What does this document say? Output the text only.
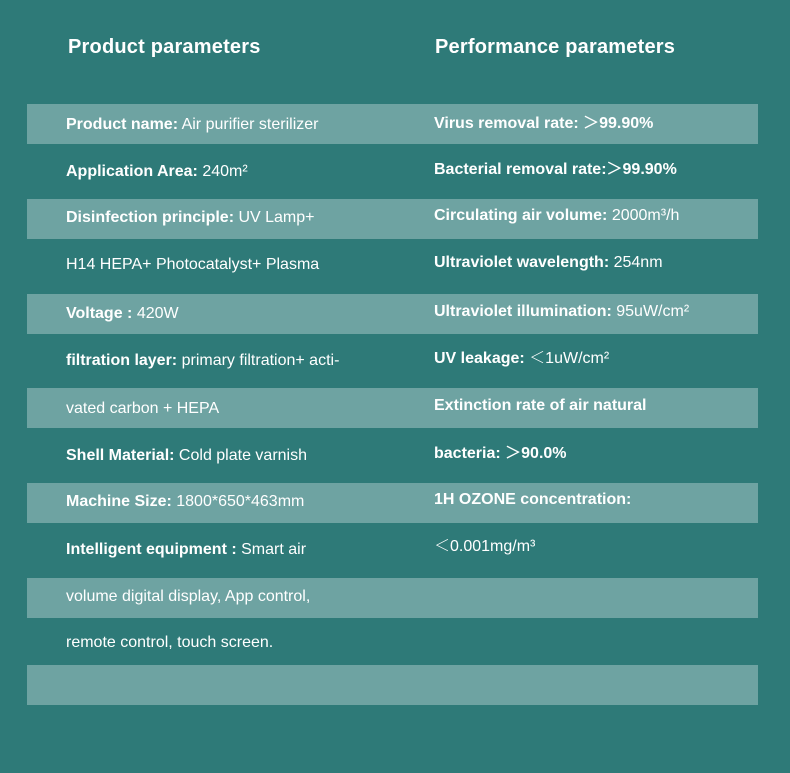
Product parameters	Performance parameters
Product name: Air purifier sterilizer
Application Area: 240m²
Disinfection principle: UV Lamp+
H14 HEPA+ Photocatalyst+ Plasma
Voltage : 420W
filtration layer: primary filtration+ acti-
vated carbon + HEPA
Shell Material: Cold plate varnish
Machine Size: 1800*650*463mm
Intelligent equipment : Smart air
volume digital display, App control,
remote control, touch screen.
Virus removal rate: ＞99.90%
Bacterial removal rate:＞99.90%
Circulating air volume: 2000m³/h
Ultraviolet wavelength: 254nm
Ultraviolet illumination: 95uW/cm²
UV leakage: ＜1uW/cm²
Extinction rate of air natural
bacteria: ＞90.0%
1H OZONE concentration:
＜0.001mg/m³
